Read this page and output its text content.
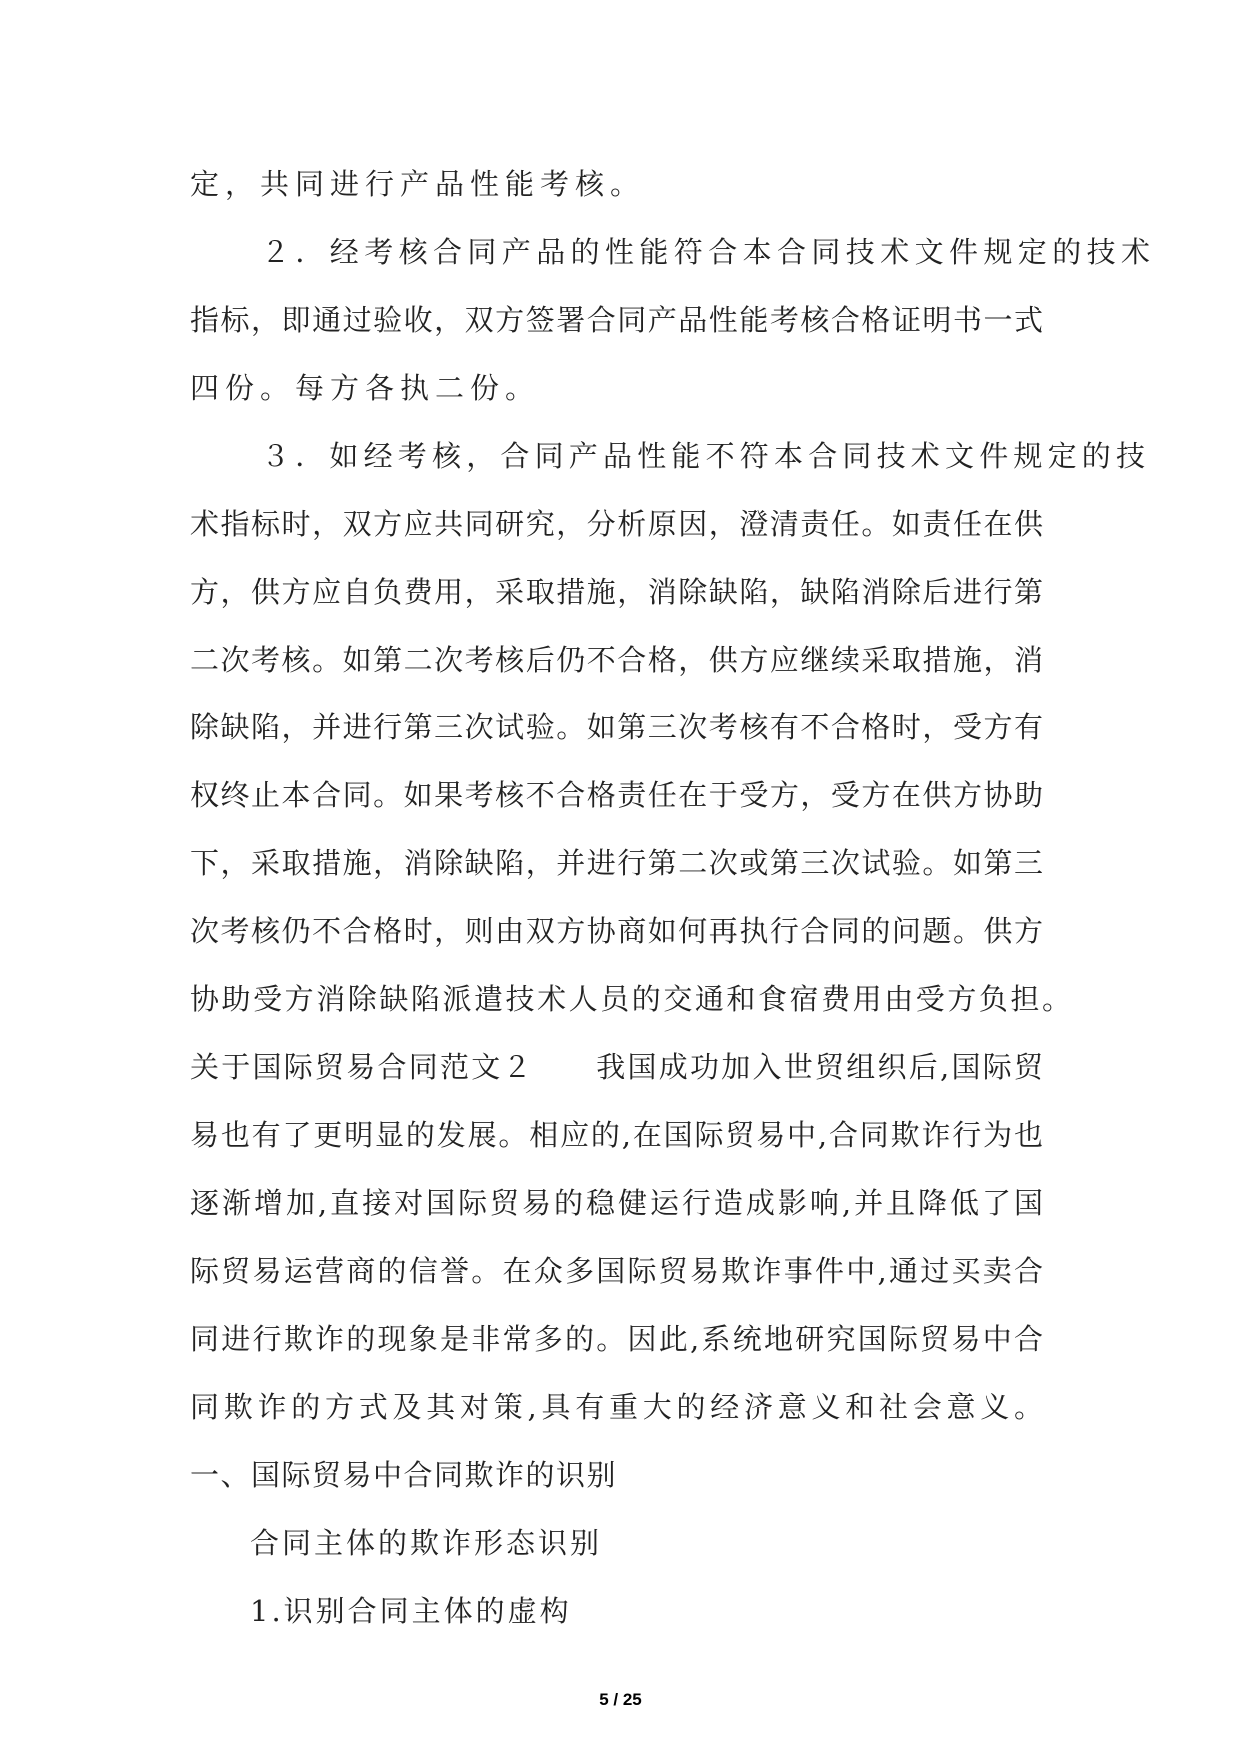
定，共同进行产品性能考核。
２．经考核合同产品的性能符合本合同技术文件规定的技术
指标，即通过验收，双方签署合同产品性能考核合格证明书一式
四份。每方各执二份。
３．如经考核，合同产品性能不符本合同技术文件规定的技
术指标时，双方应共同研究，分析原因，澄清责任。如责任在供
方，供方应自负费用，采取措施，消除缺陷，缺陷消除后进行第
二次考核。如第二次考核后仍不合格，供方应继续采取措施，消
除缺陷，并进行第三次试验。如第三次考核有不合格时，受方有
权终止本合同。如果考核不合格责任在于受方，受方在供方协助
下，采取措施，消除缺陷，并进行第二次或第三次试验。如第三
次考核仍不合格时，则由双方协商如何再执行合同的问题。供方
协助受方消除缺陷派遣技术人员的交通和食宿费用由受方负担。
关于国际贸易合同范文２　　我国成功加入世贸组织后,国际贸
易也有了更明显的发展。相应的,在国际贸易中,合同欺诈行为也
逐渐增加,直接对国际贸易的稳健运行造成影响,并且降低了国
际贸易运营商的信誉。在众多国际贸易欺诈事件中,通过买卖合
同进行欺诈的现象是非常多的。因此,系统地研究国际贸易中合
同欺诈的方式及其对策,具有重大的经济意义和社会意义。
一、国际贸易中合同欺诈的识别
合同主体的欺诈形态识别
1.识别合同主体的虚构
5 / 25
